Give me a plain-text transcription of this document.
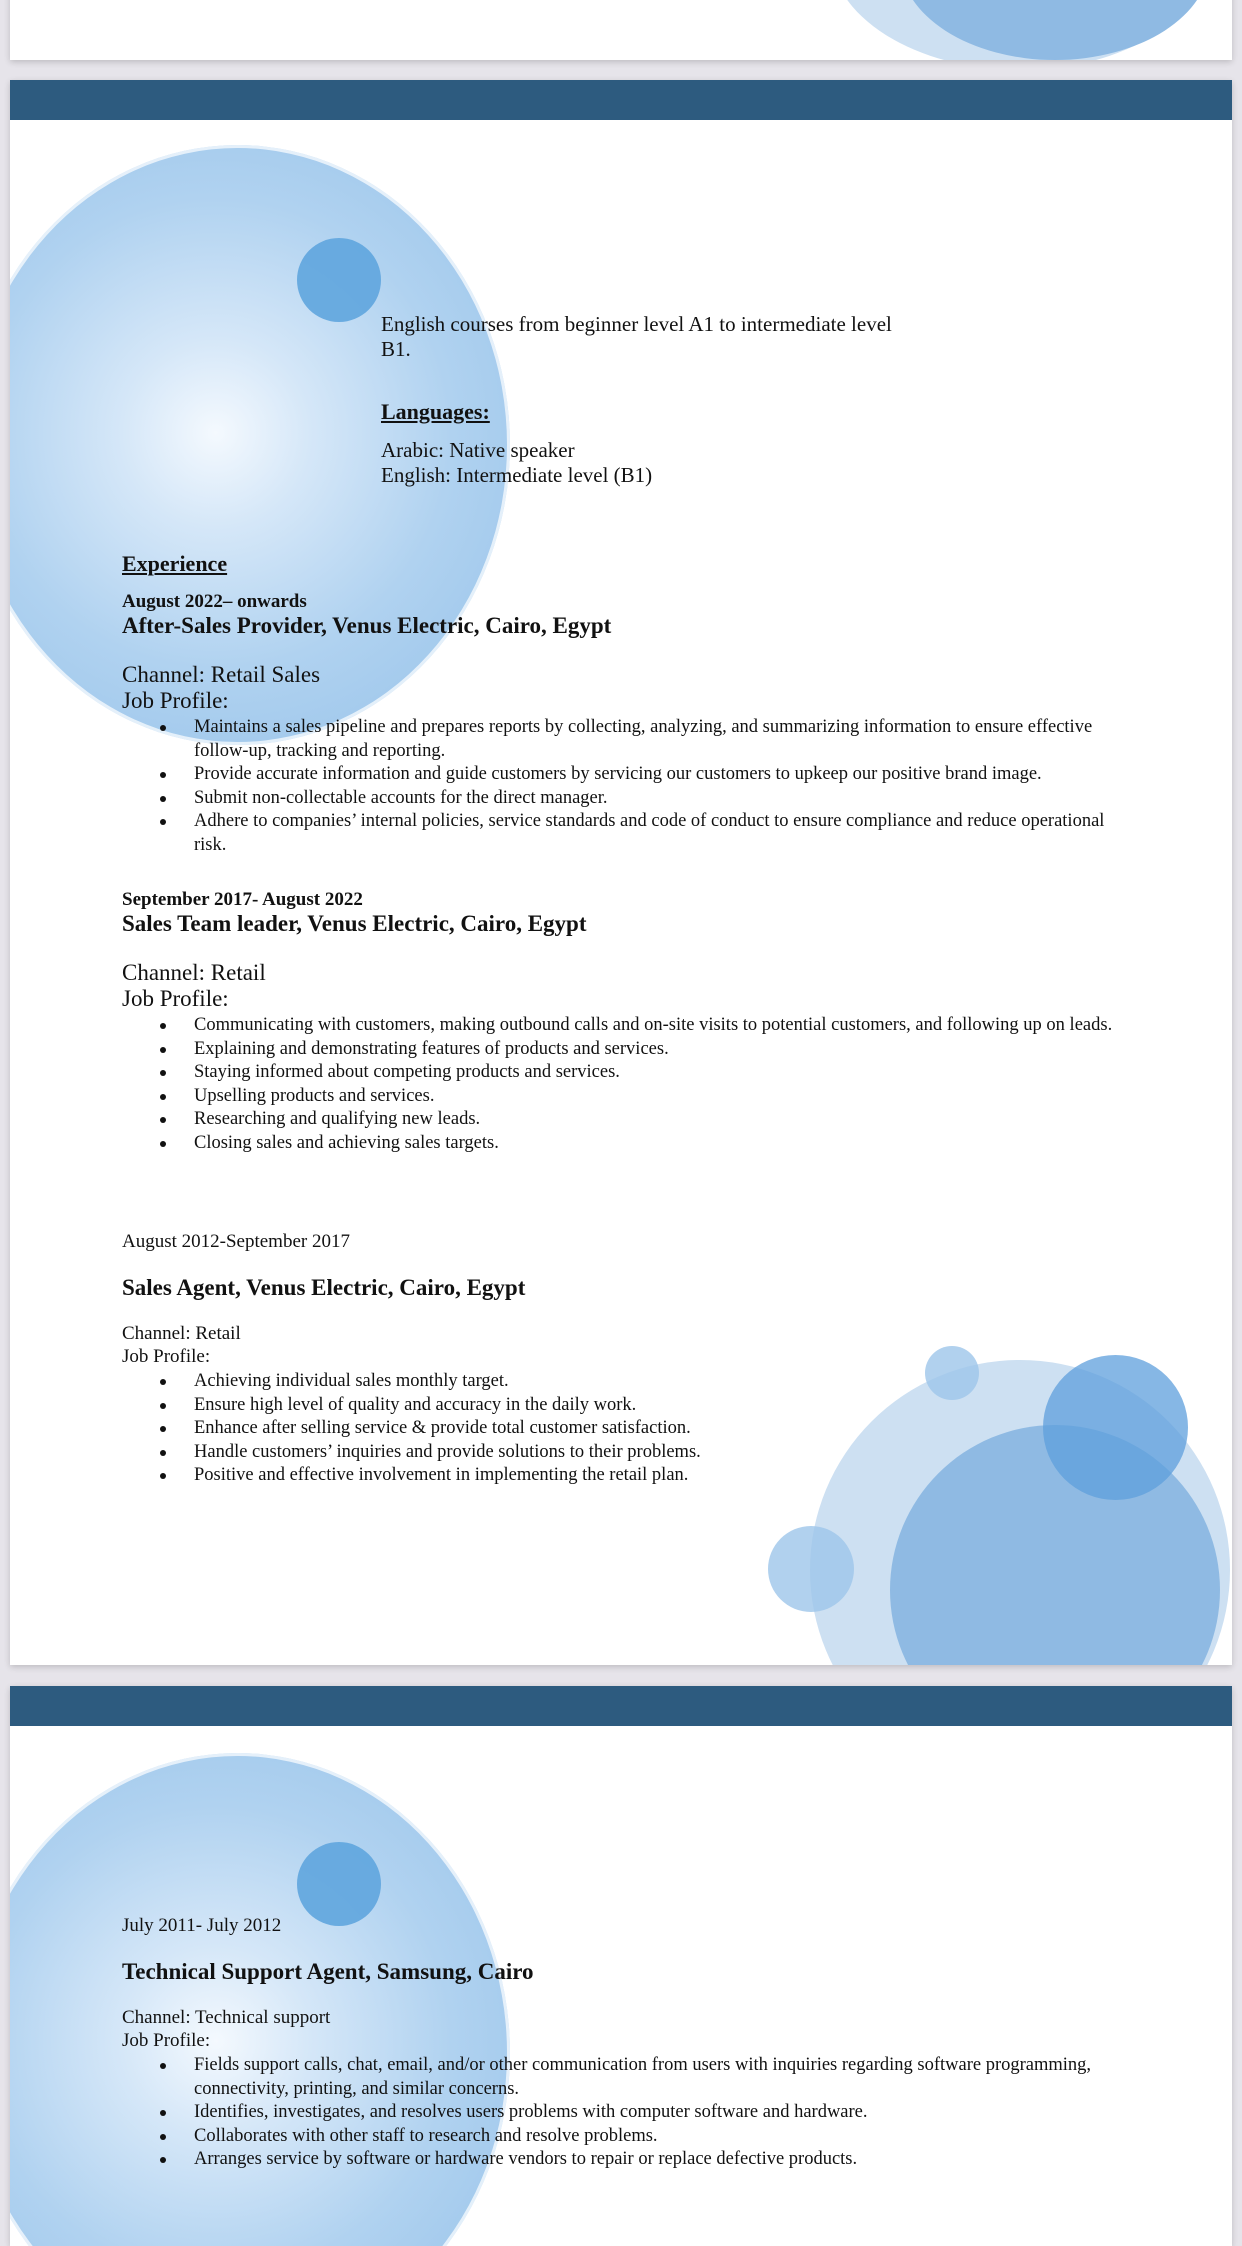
English courses from beginner level A1 to intermediate level
B1.
Languages:
Arabic: Native speaker
English: Intermediate level (B1)
Experience
August 2022– onwards
After-Sales Provider, Venus Electric, Cairo, Egypt
Channel: Retail Sales
Job Profile:
Maintains a sales pipeline and prepares reports by collecting, analyzing, and summarizing information to ensure effective follow-up, tracking and reporting.
Provide accurate information and guide customers by servicing our customers to upkeep our positive brand image.
Submit non-collectable accounts for the direct manager.
Adhere to companies’ internal policies, service standards and code of conduct to ensure compliance and reduce operational risk.
September 2017- August 2022
Sales Team leader, Venus Electric, Cairo, Egypt
Channel: Retail
Job Profile:
Communicating with customers, making outbound calls and on-site visits to potential customers, and following up on leads.
Explaining and demonstrating features of products and services.
Staying informed about competing products and services.
Upselling products and services.
Researching and qualifying new leads.
Closing sales and achieving sales targets.
August 2012-September 2017
Sales Agent, Venus Electric, Cairo, Egypt
Channel: Retail
Job Profile:
Achieving individual sales monthly target.
Ensure high level of quality and accuracy in the daily work.
Enhance after selling service & provide total customer satisfaction.
Handle customers’ inquiries and provide solutions to their problems.
Positive and effective involvement in implementing the retail plan.
July 2011- July 2012
Technical Support Agent, Samsung, Cairo
Channel: Technical support
Job Profile:
Fields support calls, chat, email, and/or other communication from users with inquiries regarding software programming, connectivity, printing, and similar concerns.
Identifies, investigates, and resolves users problems with computer software and hardware.
Collaborates with other staff to research and resolve problems.
Arranges service by software or hardware vendors to repair or replace defective products.
